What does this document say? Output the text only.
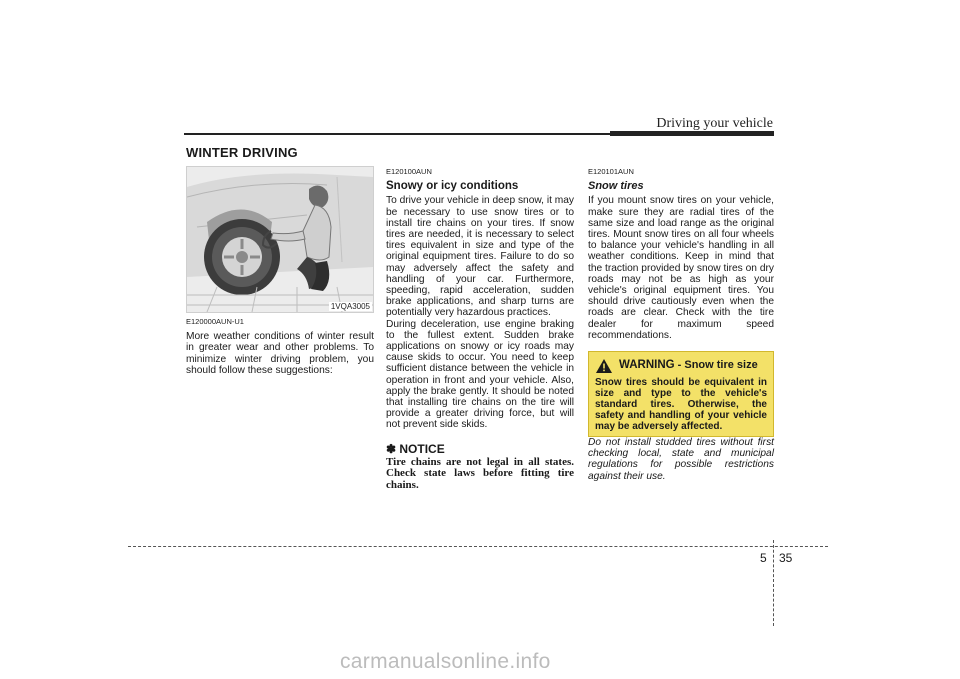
Driving your vehicle
WINTER DRIVING
1VQA3005
E120000AUN-U1

More weather conditions of winter result in greater wear and other problems. To minimize winter driving problem, you should follow these suggestions:

E120100AUN
Snowy or icy conditions

To drive your vehicle in deep snow, it may be necessary to use snow tires or to install tire chains on your tires. If snow tires are needed, it is necessary to select tires equivalent in size and type of the original equipment tires. Failure to do so may adversely affect the safety and handling of your car. Furthermore, speeding, rapid acceleration, sudden brake applications, and sharp turns are potentially very hazardous practices.

During deceleration, use engine braking to the fullest extent. Sudden brake applications on snowy or icy roads may cause skids to occur. You need to keep sufficient distance between the vehicle in operation in front and your vehicle. Also, apply the brake gently. It should be noted that installing tire chains on the tire will provide a greater driving force, but will not prevent side skids.

✽ NOTICE
Tire chains are not legal in all states. Check state laws before fitting tire chains.
E120101AUN
Snow tires

If you mount snow tires on your vehicle, make sure they are radial tires of the same size and load range as the original tires. Mount snow tires on all four wheels to balance your vehicle's handling in all weather conditions. Keep in mind that the traction provided by snow tires on dry roads may not be as high as your vehicle's original equipment tires. You should drive cautiously even when the roads are clear. Check with the tire dealer for maximum speed recommendations.

WARNING - Snow tire size
Snow tires should be equivalent in size and type to the vehicle's standard tires. Otherwise, the safety and handling of your vehicle may be adversely affected.

Do not install studded tires without first checking local, state and municipal regulations for possible restrictions against their use.

5 35
carmanualsonline.info
